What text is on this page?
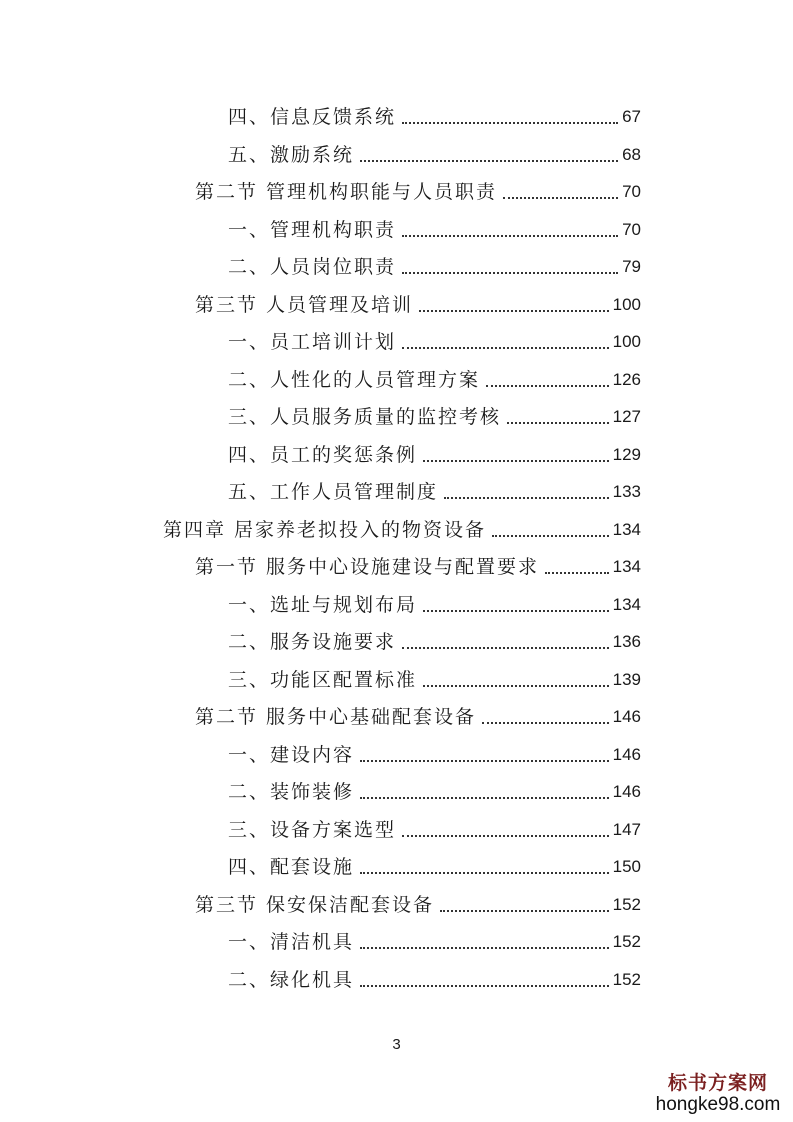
四、信息反馈系统	67
五、激励系统	68
第二节 管理机构职能与人员职责	70
一、管理机构职责	70
二、人员岗位职责	79
第三节 人员管理及培训	100
一、员工培训计划	100
二、人性化的人员管理方案	126
三、人员服务质量的监控考核	127
四、员工的奖惩条例	129
五、工作人员管理制度	133
第四章 居家养老拟投入的物资设备	134
第一节 服务中心设施建设与配置要求	134
一、选址与规划布局	134
二、服务设施要求	136
三、功能区配置标准	139
第二节 服务中心基础配套设备	146
一、建设内容	146
二、装饰装修	146
三、设备方案选型	147
四、配套设施	150
第三节 保安保洁配套设备	152
一、清洁机具	152
二、绿化机具	152
3
标书方案网
hongke98.com
